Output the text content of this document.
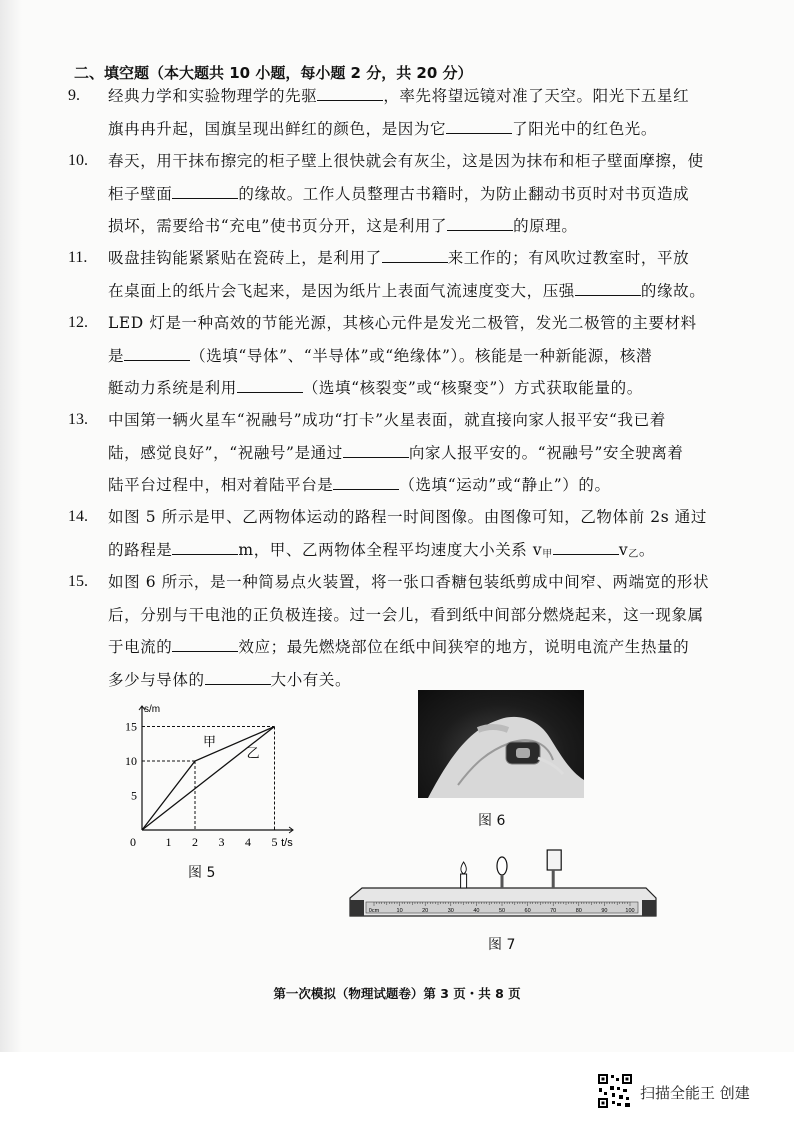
二、填空题（本大题共 10 小题，每小题 2 分，共 20 分）
9.	经典力学和实验物理学的先驱	，率先将望远镜对准了天空。阳光下五星红
旗冉冉升起，国旗呈现出鲜红的颜色，是因为它	了阳光中的红色光。
10.	春天，用干抹布擦完的柜子壁上很快就会有灰尘，这是因为抹布和柜子壁面摩擦，使
柜子壁面	的缘故。工作人员整理古书籍时，为防止翻动书页时对书页造成
损坏，需要给书“充电”使书页分开，这是利用了	的原理。
11.	吸盘挂钩能紧紧贴在瓷砖上，是利用了	来工作的；有风吹过教室时，平放
在桌面上的纸片会飞起来，是因为纸片上表面气流速度变大，压强	的缘故。
12.	LED 灯是一种高效的节能光源，其核心元件是发光二极管，发光二极管的主要材料
是	（选填“导体”、“半导体”或“绝缘体”）。核能是一种新能源，核潜
艇动力系统是利用	（选填“核裂变”或“核聚变”）方式获取能量的。
13.	中国第一辆火星车“祝融号”成功“打卡”火星表面，就直接向家人报平安“我已着
陆，感觉良好”，“祝融号”是通过	向家人报平安的。“祝融号”安全驶离着
陆平台过程中，相对着陆平台是	（选填“运动”或“静止”）的。
14.	如图 5 所示是甲、乙两物体运动的路程一时间图像。由图像可知，乙物体前 2s 通过
的路程是	m，甲、乙两物体全程平均速度大小关系 $v_甲$	$v_乙$。
15.	如图 6 所示，是一种简易点火装置，将一张口香糖包装纸剪成中间窄、两端宽的形状
后，分别与干电池的正负极连接。过一会儿，看到纸中间部分燃烧起来，这一现象属
于电流的	效应；最先燃烧部位在纸中间狭窄的地方，说明电流产生热量的
多少与导体的	大小有关。
1 2 3 4 5
5
10
15
0
s/m
t/s
甲
乙
图 5
图 6
0cm	10	20	30	40	50	60	70	80	90	100
图 7
第一次模拟（物理试题卷）第 3 页・共 8 页
扫描全能王 创建
